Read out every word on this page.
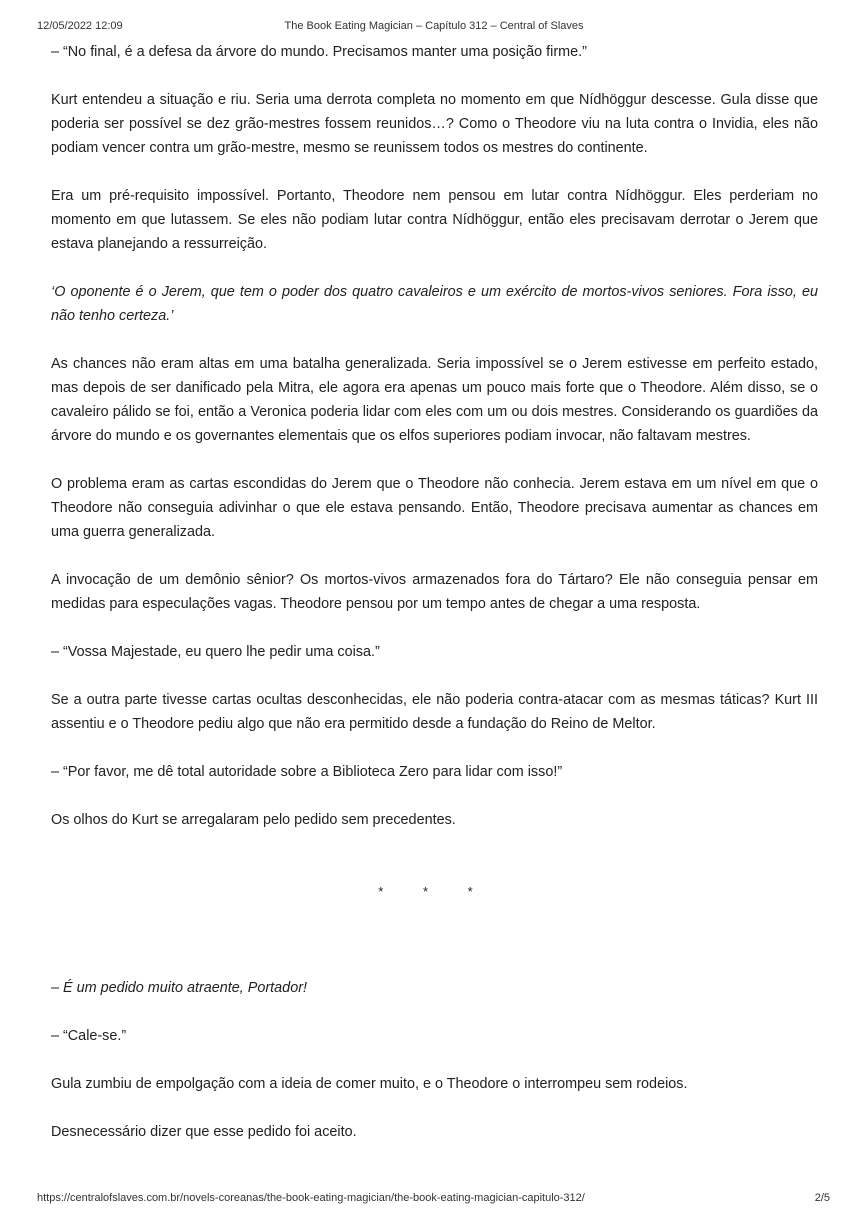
12/05/2022 12:09	The Book Eating Magician – Capítulo 312 – Central of Slaves

– “No final, é a defesa da árvore do mundo. Precisamos manter uma posição firme.”

Kurt entendeu a situação e riu. Seria uma derrota completa no momento em que Nídhöggur descesse. Gula disse que poderia ser possível se dez grão-mestres fossem reunidos…? Como o Theodore viu na luta contra o Invidia, eles não podiam vencer contra um grão-mestre, mesmo se reunissem todos os mestres do continente.

Era um pré-requisito impossível. Portanto, Theodore nem pensou em lutar contra Nídhöggur. Eles perderiam no momento em que lutassem. Se eles não podiam lutar contra Nídhöggur, então eles precisavam derrotar o Jerem que estava planejando a ressurreição.

‘O oponente é o Jerem, que tem o poder dos quatro cavaleiros e um exército de mortos-vivos seniores. Fora isso, eu não tenho certeza.’

As chances não eram altas em uma batalha generalizada. Seria impossível se o Jerem estivesse em perfeito estado, mas depois de ser danificado pela Mitra, ele agora era apenas um pouco mais forte que o Theodore. Além disso, se o cavaleiro pálido se foi, então a Veronica poderia lidar com eles com um ou dois mestres. Considerando os guardiões da árvore do mundo e os governantes elementais que os elfos superiores podiam invocar, não faltavam mestres.

O problema eram as cartas escondidas do Jerem que o Theodore não conhecia. Jerem estava em um nível em que o Theodore não conseguia adivinhar o que ele estava pensando. Então, Theodore precisava aumentar as chances em uma guerra generalizada.

A invocação de um demônio sênior? Os mortos-vivos armazenados fora do Tártaro? Ele não conseguia pensar em medidas para especulações vagas. Theodore pensou por um tempo antes de chegar a uma resposta.

– “Vossa Majestade, eu quero lhe pedir uma coisa.”

Se a outra parte tivesse cartas ocultas desconhecidas, ele não poderia contra-atacar com as mesmas táticas? Kurt III assentiu e o Theodore pediu algo que não era permitido desde a fundação do Reino de Meltor.

– “Por favor, me dê total autoridade sobre a Biblioteca Zero para lidar com isso!”

Os olhos do Kurt se arregalaram pelo pedido sem precedentes.

* * *

– É um pedido muito atraente, Portador!

– “Cale-se.”

Gula zumbiu de empolgação com a ideia de comer muito, e o Theodore o interrompeu sem rodeios.

Desnecessário dizer que esse pedido foi aceito.

https://centralofslaves.com.br/novels-coreanas/the-book-eating-magician/the-book-eating-magician-capitulo-312/	2/5
